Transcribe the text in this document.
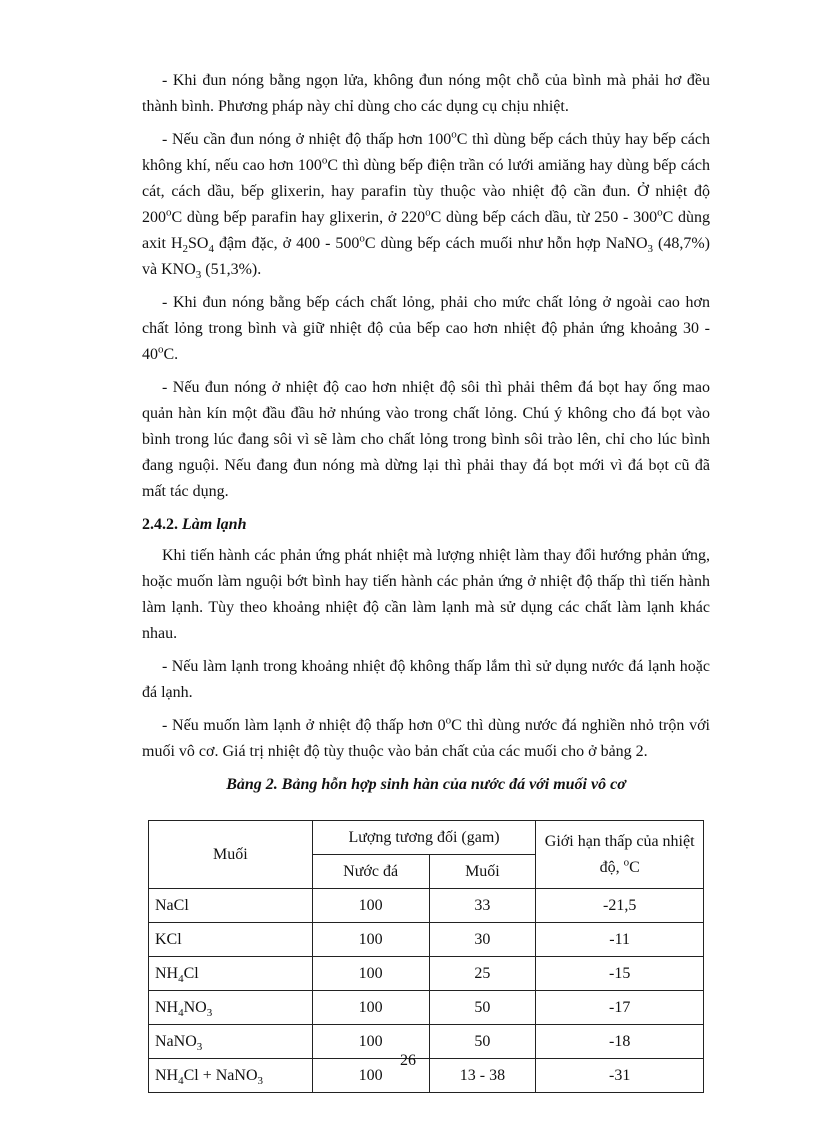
- Khi đun nóng bằng ngọn lửa, không đun nóng một chỗ của bình mà phải hơ đều thành bình. Phương pháp này chỉ dùng cho các dụng cụ chịu nhiệt.

- Nếu cần đun nóng ở nhiệt độ thấp hơn 100$^o$C thì dùng bếp cách thủy hay bếp cách không khí, nếu cao hơn 100$^o$C thì dùng bếp điện trần có lưới amiăng hay dùng bếp cách cát, cách dầu, bếp glixerin, hay parafin tùy thuộc vào nhiệt độ cần đun. Ở nhiệt độ 200$^o$C dùng bếp parafin hay glixerin, ở 220$^o$C dùng bếp cách dầu, từ 250 - 300$^o$C dùng axit $H_2SO_4$ đậm đặc, ở 400 - 500$^o$C dùng bếp cách muối như hỗn hợp NaNO$_3$ (48,7%) và $KNO_3$ (51,3%).

- Khi đun nóng bằng bếp cách chất lỏng, phải cho mức chất lỏng ở ngoài cao hơn chất lỏng trong bình và giữ nhiệt độ của bếp cao hơn nhiệt độ phản ứng khoảng 30 - 40$^o$C.

- Nếu đun nóng ở nhiệt độ cao hơn nhiệt độ sôi thì phải thêm đá bọt hay ống mao quản hàn kín một đầu đầu hở nhúng vào trong chất lỏng. Chú ý không cho đá bọt vào bình trong lúc đang sôi vì sẽ làm cho chất lỏng trong bình sôi trào lên, chỉ cho lúc bình đang nguội. Nếu đang đun nóng mà dừng lại thì phải thay đá bọt mới vì đá bọt cũ đã mất tác dụng.

2.4.2. Làm lạnh

Khi tiến hành các phản ứng phát nhiệt mà lượng nhiệt làm thay đổi hướng phản ứng, hoặc muốn làm nguội bớt bình hay tiến hành các phản ứng ở nhiệt độ thấp thì tiến hành làm lạnh. Tùy theo khoảng nhiệt độ cần làm lạnh mà sử dụng các chất làm lạnh khác nhau.

- Nếu làm lạnh trong khoảng nhiệt độ không thấp lắm thì sử dụng nước đá lạnh hoặc đá lạnh.

- Nếu muốn làm lạnh ở nhiệt độ thấp hơn 0$^o$C thì dùng nước đá nghiền nhỏ trộn với muối vô cơ. Giá trị nhiệt độ tùy thuộc vào bản chất của các muối cho ở bảng 2.

Bảng 2. Bảng hỗn hợp sinh hàn của nước đá với muối vô cơ

Muối	Lượng tương đối (gam)		Giới hạn thấp của nhiệt độ, $^o$C
	Nước đá	Muối	
NaCl	100	33	-21,5
KCl	100	30	-11
$NH_4Cl$	100	25	-15
$NH_4NO_3$	100	50	-17
NaNO$_3$	100	50	-18
$NH_4Cl$ + NaNO$_3$	100	13 - 38	-31
26
